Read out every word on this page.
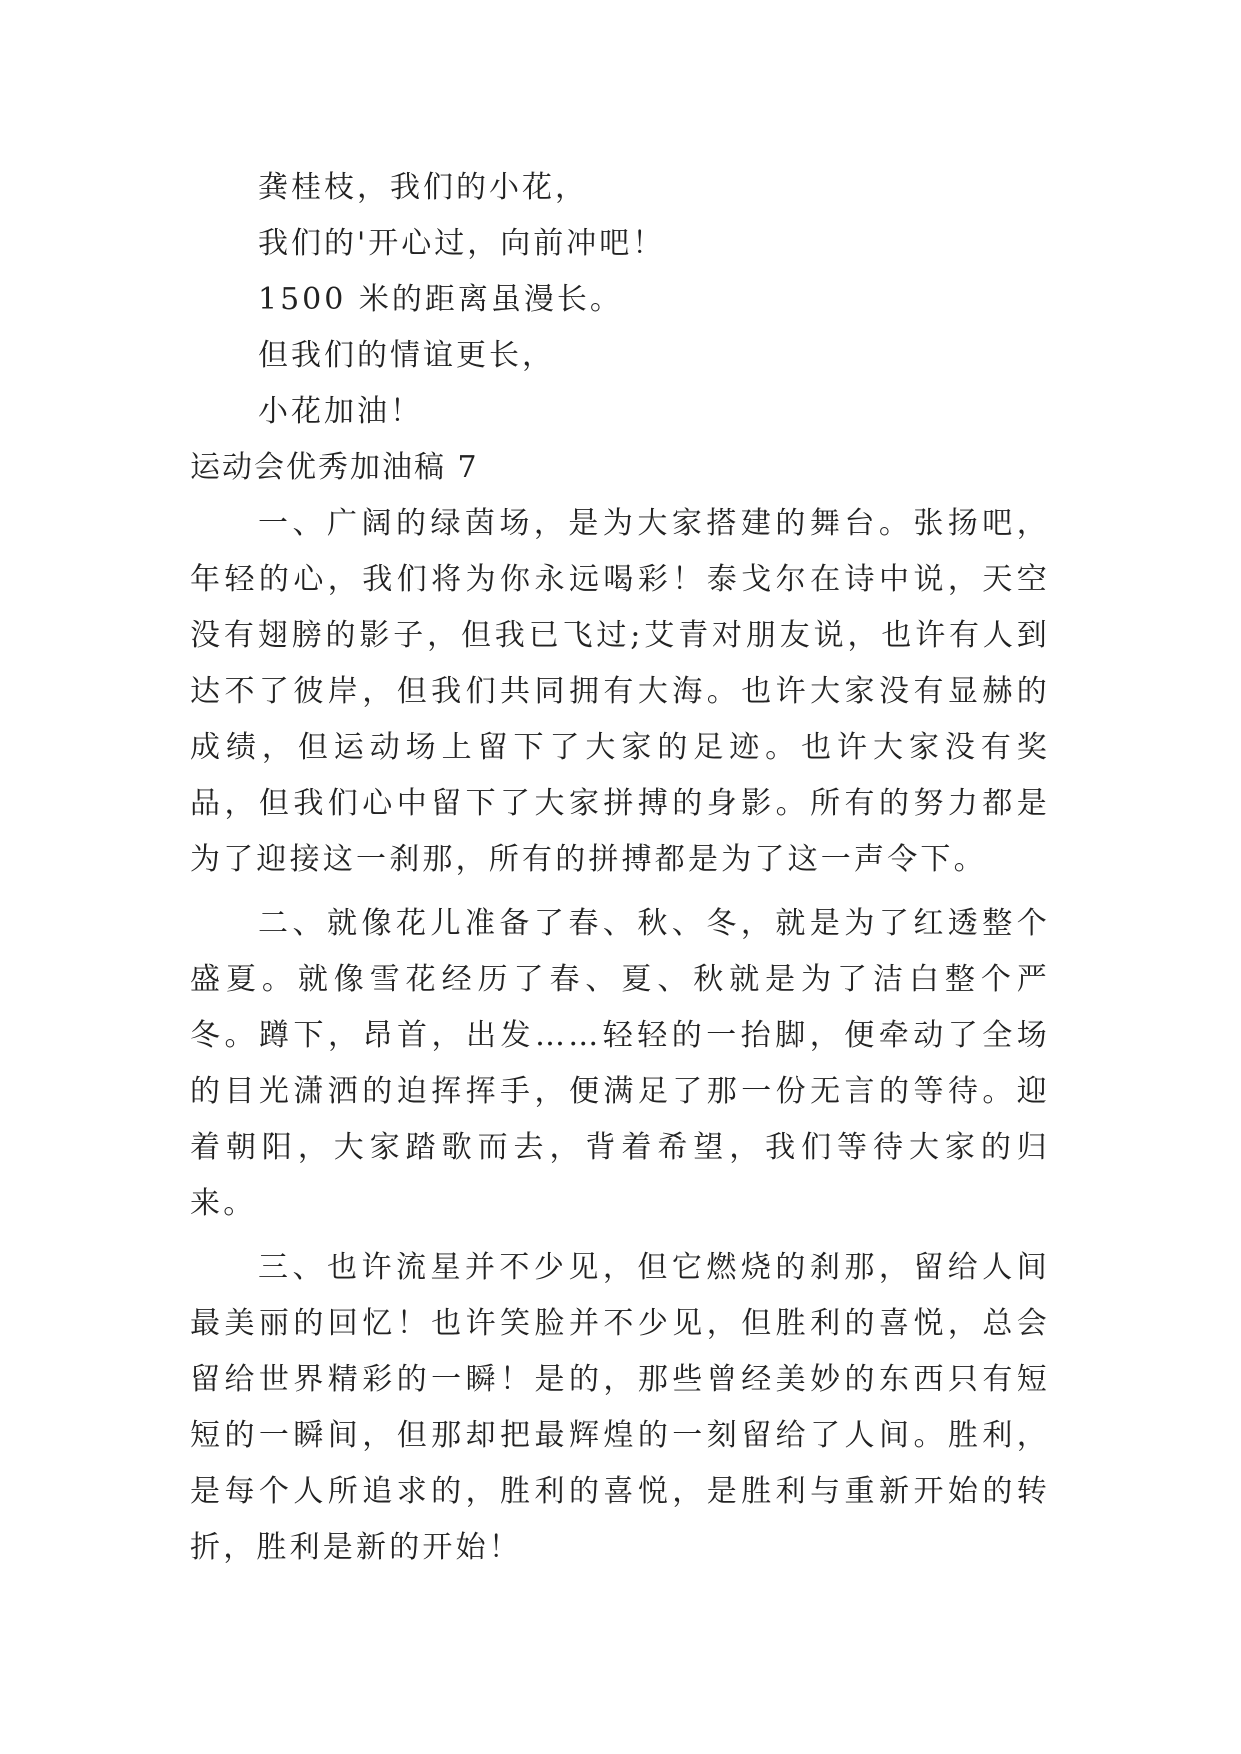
龚桂枝，我们的小花，
我们的'开心过，向前冲吧！
1500 米的距离虽漫长。
但我们的情谊更长，
小花加油！
运动会优秀加油稿 7

一、广阔的绿茵场，是为大家搭建的舞台。张扬吧，年轻的心，我们将为你永远喝彩！泰戈尔在诗中说，天空没有翅膀的影子，但我已飞过;艾青对朋友说，也许有人到达不了彼岸，但我们共同拥有大海。也许大家没有显赫的成绩，但运动场上留下了大家的足迹。也许大家没有奖品，但我们心中留下了大家拼搏的身影。所有的努力都是为了迎接这一刹那，所有的拼搏都是为了这一声令下。

二、就像花儿准备了春、秋、冬，就是为了红透整个盛夏。就像雪花经历了春、夏、秋就是为了洁白整个严冬。蹲下，昂首，出发……轻轻的一抬脚，便牵动了全场的目光潇洒的迫挥挥手，便满足了那一份无言的等待。迎着朝阳，大家踏歌而去，背着希望，我们等待大家的归来。

三、也许流星并不少见，但它燃烧的刹那，留给人间最美丽的回忆！也许笑脸并不少见，但胜利的喜悦，总会留给世界精彩的一瞬！是的，那些曾经美妙的东西只有短短的一瞬间，但那却把最辉煌的一刻留给了人间。胜利，是每个人所追求的，胜利的喜悦，是胜利与重新开始的转折，胜利是新的开始！
